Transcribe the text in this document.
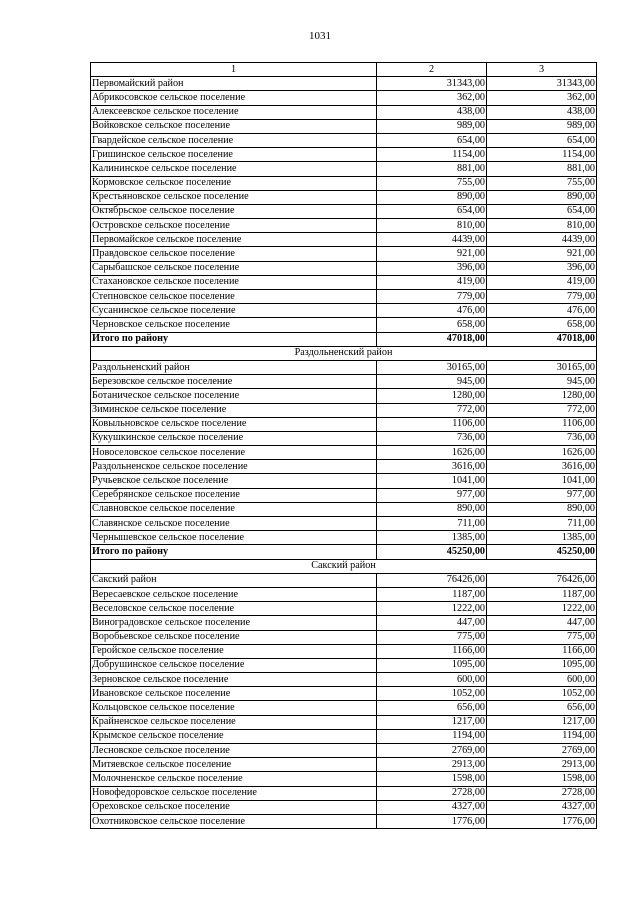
1031
1	2	3
Первомайский район	31343,00	31343,00
Абрикосовское сельское поселение	362,00	362,00
Алексеевское сельское поселение	438,00	438,00
Войковское сельское поселение	989,00	989,00
Гвардейское сельское поселение	654,00	654,00
Гришинское сельское поселение	1154,00	1154,00
Калининское сельское поселение	881,00	881,00
Кормовское сельское поселение	755,00	755,00
Крестьяновское сельское поселение	890,00	890,00
Октябрьское сельское поселение	654,00	654,00
Островское сельское поселение	810,00	810,00
Первомайское сельское поселение	4439,00	4439,00
Правдовское сельское поселение	921,00	921,00
Сарыбашское сельское поселение	396,00	396,00
Стахановское сельское поселение	419,00	419,00
Степновское сельское поселение	779,00	779,00
Сусанинское сельское поселение	476,00	476,00
Черновское сельское поселение	658,00	658,00
Итого по району	47018,00	47018,00
Раздольненский район		
Раздольненский район	30165,00	30165,00
Березовское сельское поселение	945,00	945,00
Ботаническое сельское поселение	1280,00	1280,00
Зиминское сельское поселение	772,00	772,00
Ковыльновское сельское поселение	1106,00	1106,00
Кукушкинское сельское поселение	736,00	736,00
Новоселовское сельское поселение	1626,00	1626,00
Раздольненское сельское поселение	3616,00	3616,00
Ручьевское сельское поселение	1041,00	1041,00
Серебрянское сельское поселение	977,00	977,00
Славновское сельское поселение	890,00	890,00
Славянское сельское поселение	711,00	711,00
Чернышевское сельское поселение	1385,00	1385,00
Итого по району	45250,00	45250,00
Сакский район		
Сакский район	76426,00	76426,00
Вересаевское сельское поселение	1187,00	1187,00
Веселовское сельское поселение	1222,00	1222,00
Виноградовское сельское поселение	447,00	447,00
Воробьевское сельское поселение	775,00	775,00
Геройское сельское поселение	1166,00	1166,00
Добрушинское сельское поселение	1095,00	1095,00
Зерновское сельское поселение	600,00	600,00
Ивановское сельское поселение	1052,00	1052,00
Кольцовское сельское поселение	656,00	656,00
Крайненское сельское поселение	1217,00	1217,00
Крымское сельское поселение	1194,00	1194,00
Лесновское сельское поселение	2769,00	2769,00
Митяевское сельское поселение	2913,00	2913,00
Молочненское сельское поселение	1598,00	1598,00
Новофедоровское сельское поселение	2728,00	2728,00
Ореховское сельское поселение	4327,00	4327,00
Охотниковское сельское поселение	1776,00	1776,00
